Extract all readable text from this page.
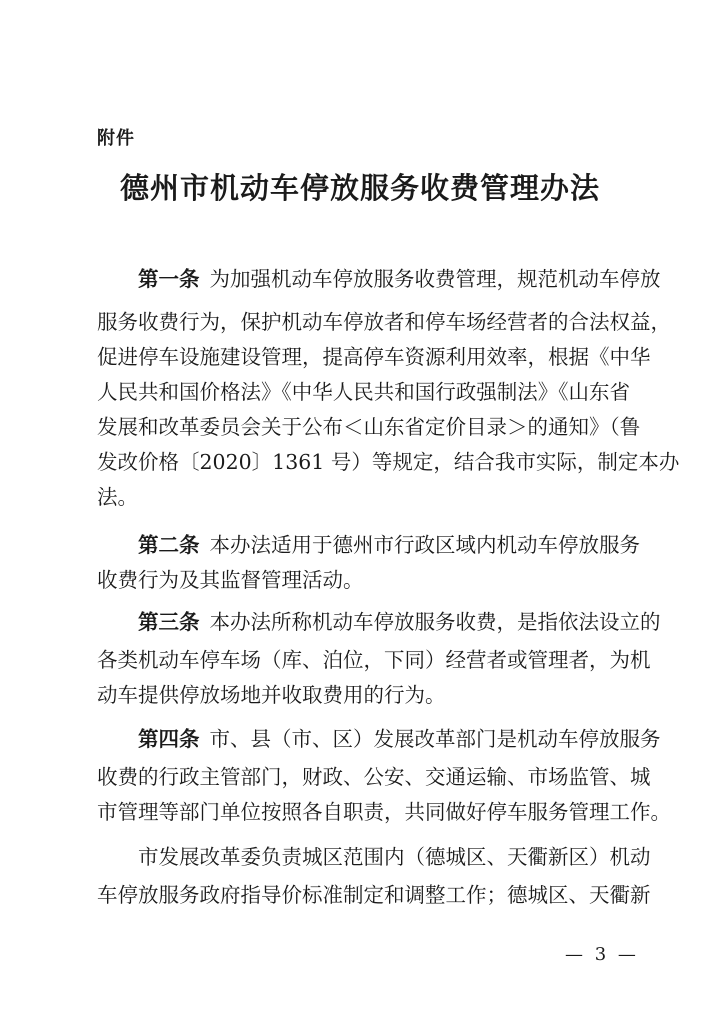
附件
德州市机动车停放服务收费管理办法
第一条 为加强机动车停放服务收费管理，规范机动车停放
服务收费行为，保护机动车停放者和停车场经营者的合法权益，
促进停车设施建设管理，提高停车资源利用效率，根据《中华
人民共和国价格法》《中华人民共和国行政强制法》《山东省
发展和改革委员会关于公布＜山东省定价目录＞的通知》（鲁
发改价格〔2020〕1361 号）等规定，结合我市实际，制定本办
法。
第二条 本办法适用于德州市行政区域内机动车停放服务
收费行为及其监督管理活动。
第三条 本办法所称机动车停放服务收费，是指依法设立的
各类机动车停车场（库、泊位，下同）经营者或管理者，为机
动车提供停放场地并收取费用的行为。
第四条 市、县（市、区）发展改革部门是机动车停放服务
收费的行政主管部门，财政、公安、交通运输、市场监管、城
市管理等部门单位按照各自职责，共同做好停车服务管理工作。
市发展改革委负责城区范围内（德城区、天衢新区）机动
车停放服务政府指导价标准制定和调整工作；德城区、天衢新
— 3 —
